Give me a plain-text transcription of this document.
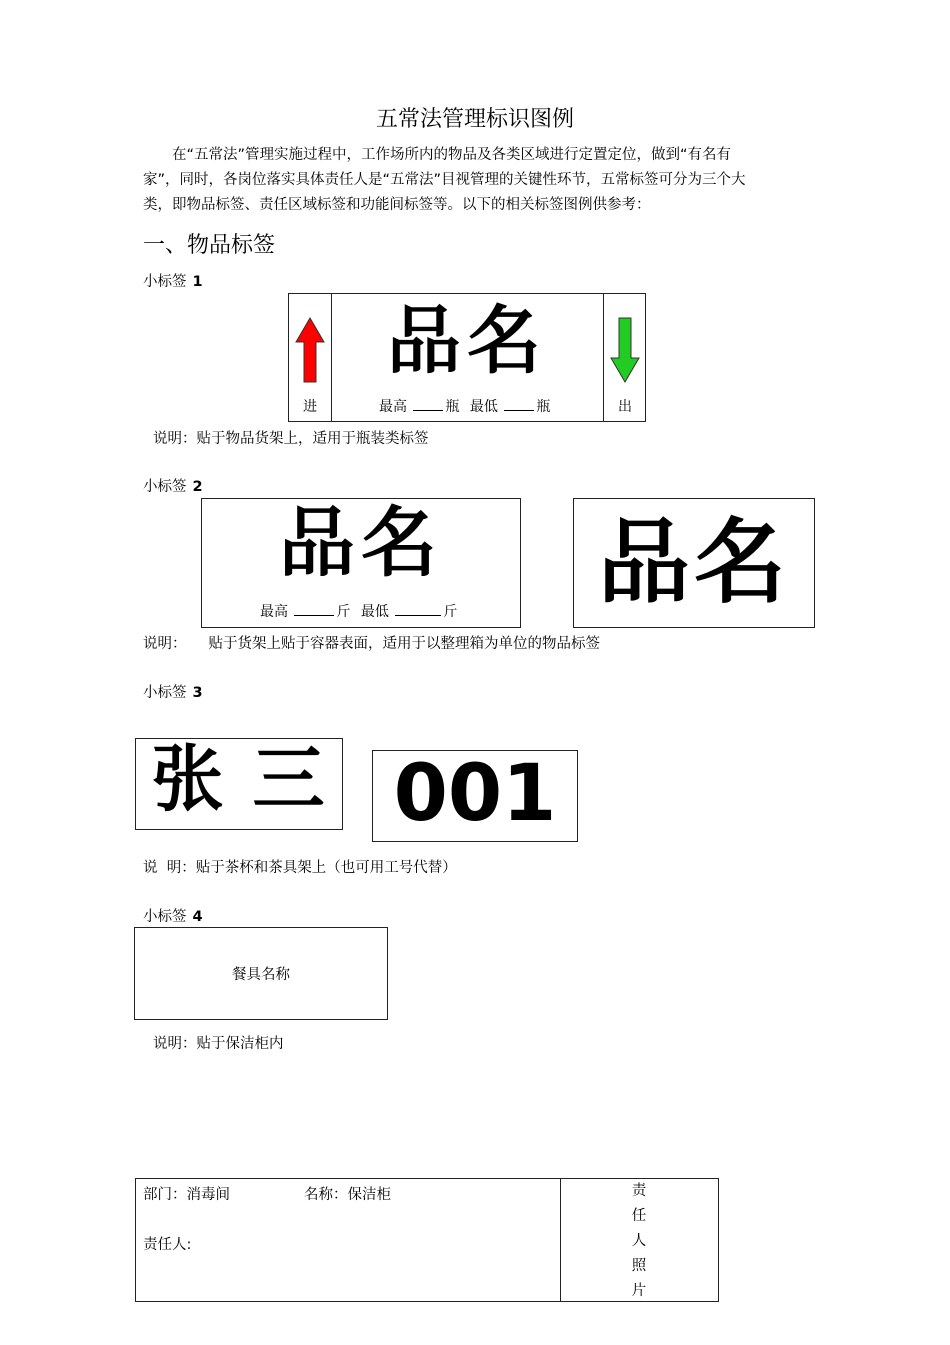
五常法管理标识图例
在“五常法”管理实施过程中，工作场所内的物品及各类区域进行定置定位，做到“有名有家”，同时，各岗位落实具体责任人是“五常法”目视管理的关键性环节，五常标签可分为三个大类，即物品标签、责任区域标签和功能间标签等。以下的相关标签图例供参考：
一、物品标签
小标签 1
进
品名
最高	瓶 最低	瓶	出
说明：贴于物品货架上，适用于瓶装类标签
小标签 2
品名
最高	斤 最低	斤 品名
说明： 贴于货架上贴于容器表面，适用于以整理箱为单位的物品标签
小标签 3
张 三 001
说  明：贴于茶杯和茶具架上（也可用工号代替）
小标签 4
餐具名称
说明：贴于保洁柜内
部门：消毒间	名称：保洁柜
责任人:
责
任
人
照
片
